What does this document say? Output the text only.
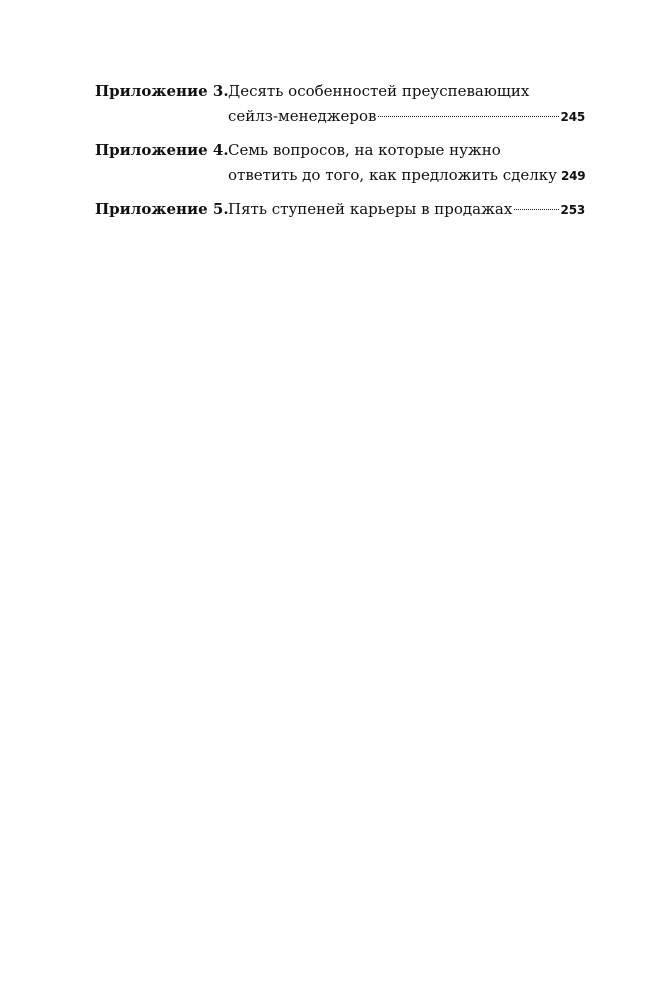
Приложение 3. Десять особенностей преуспевающих
сейлз-менеджеров	245
Приложение 4. Семь вопросов, на которые нужно
ответить до того, как предложить сделку 249
Приложение 5. Пять ступеней карьеры в продажах	253
